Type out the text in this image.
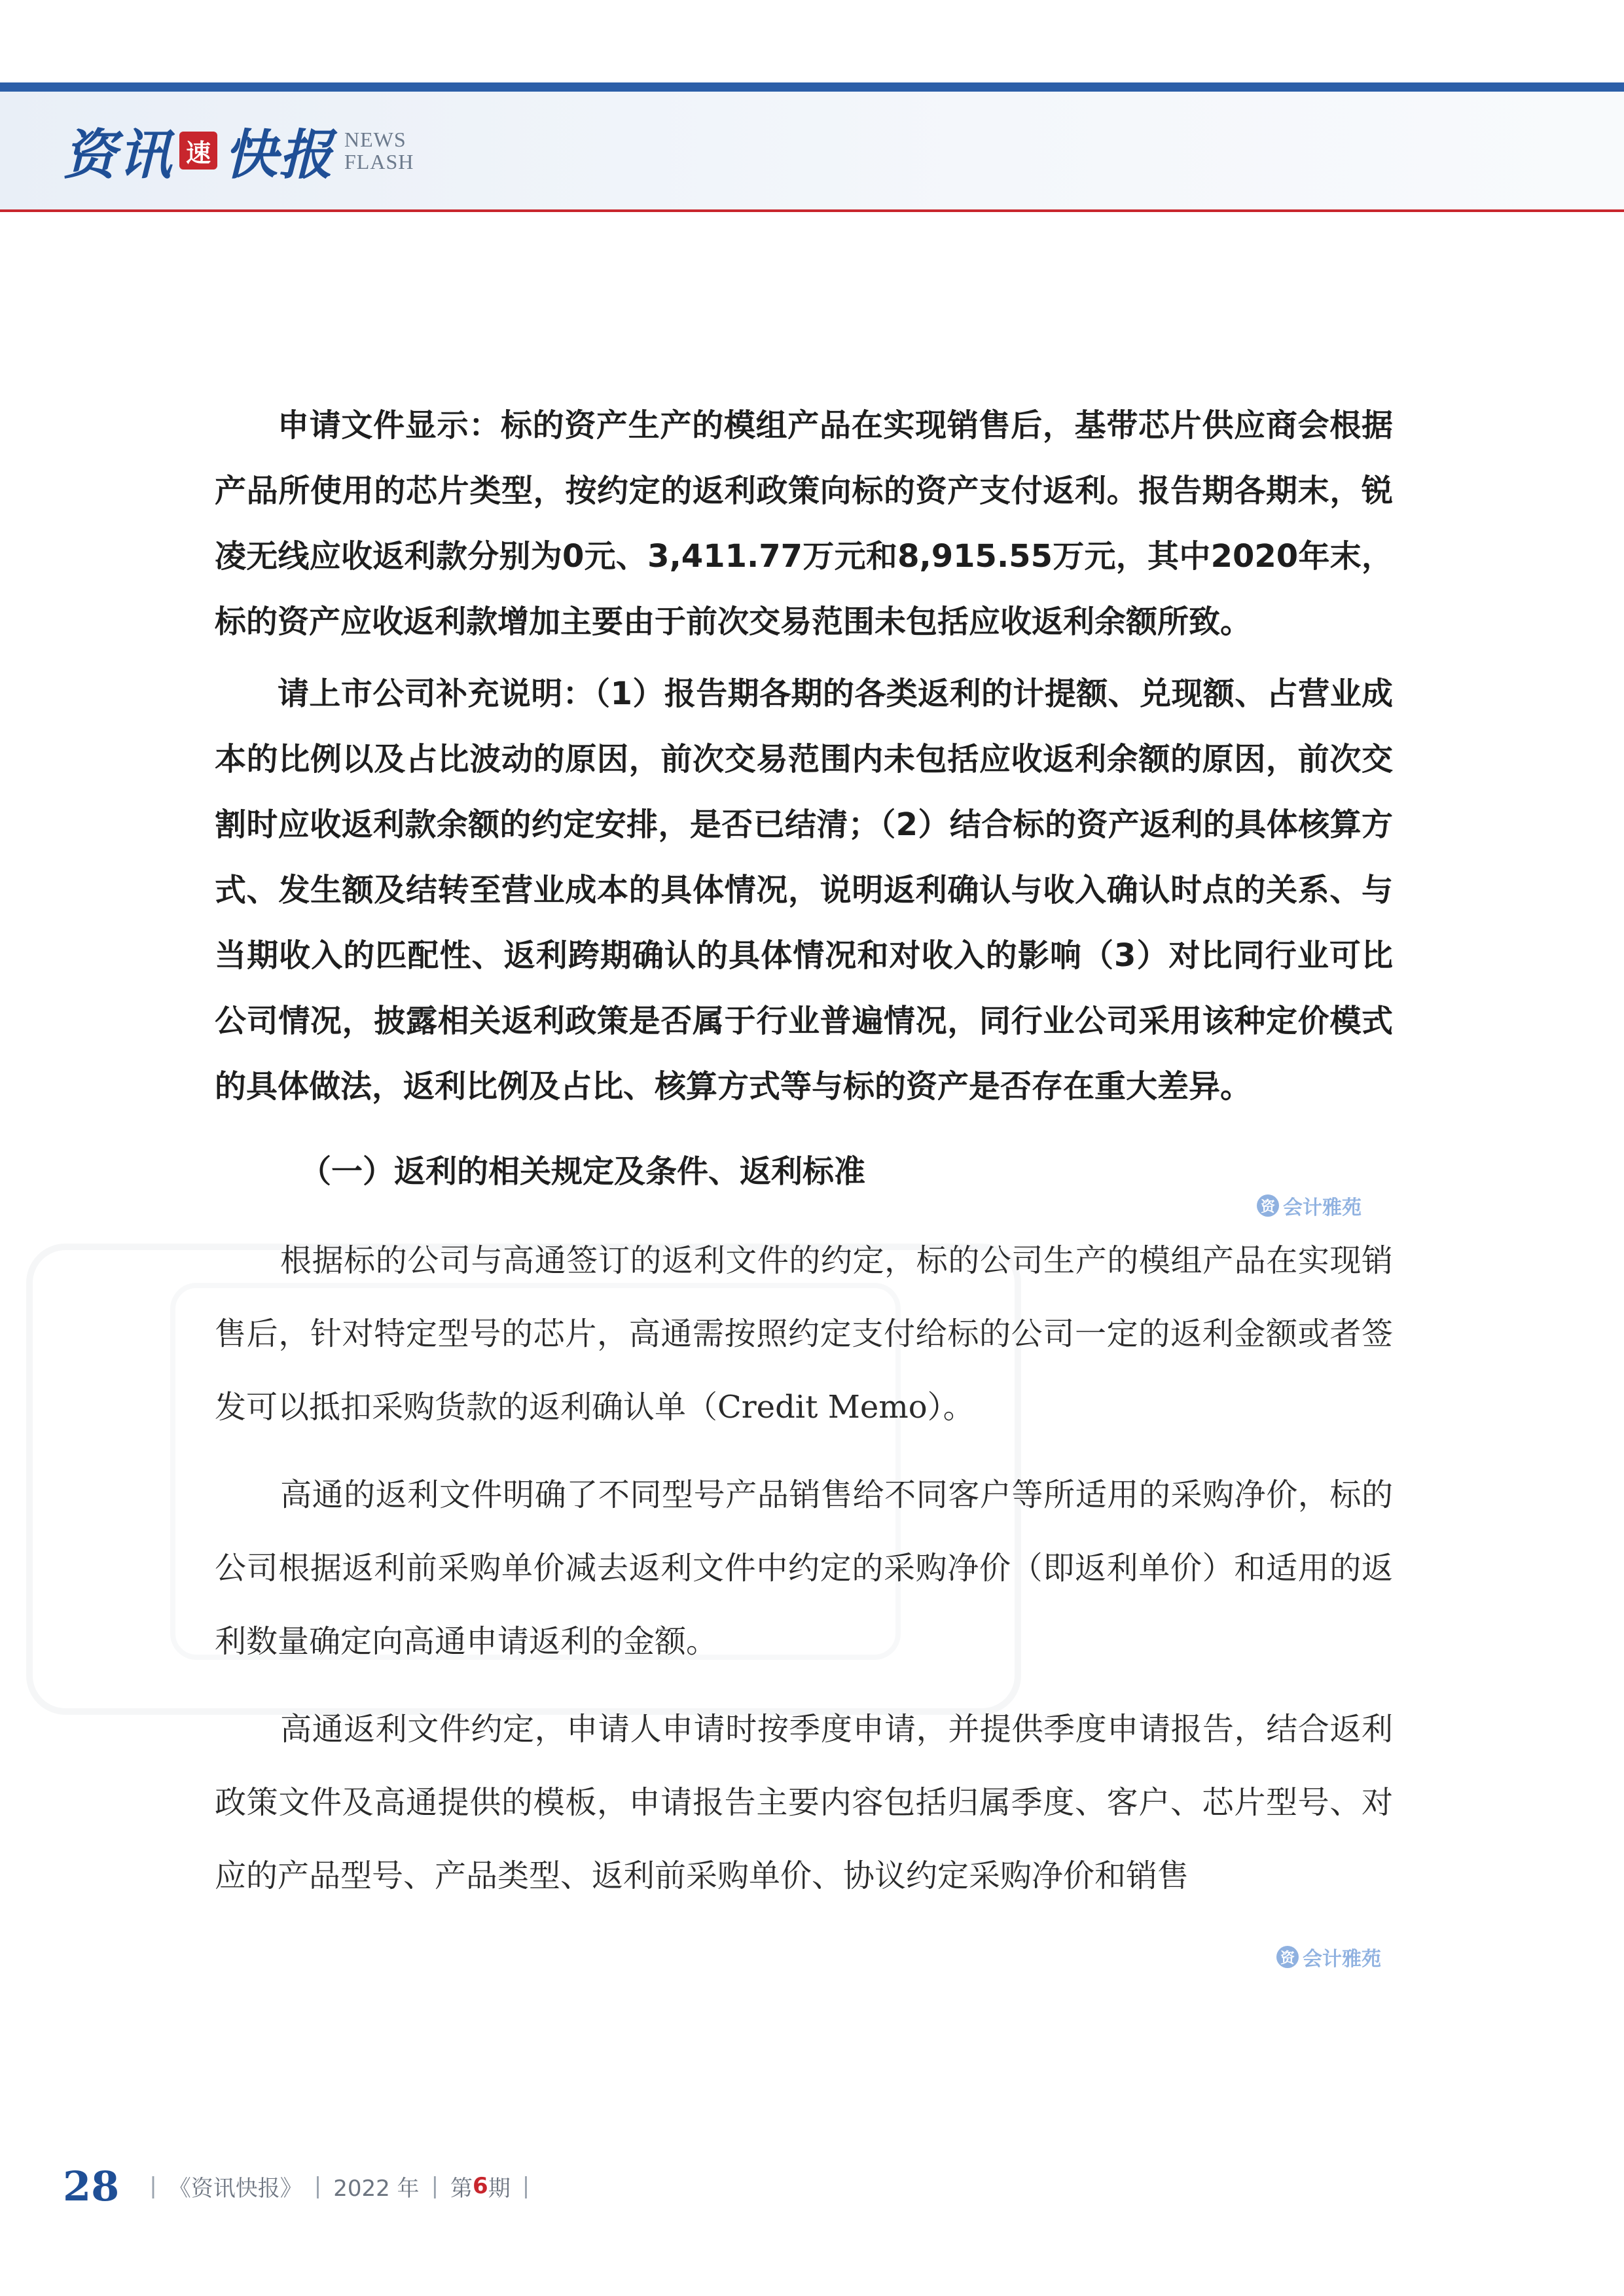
资讯 速 快报 NEWS
FLASH

申请文件显示：标的资产生产的模组产品在实现销售后，基带芯片供应商会根据产品所使用的芯片类型，按约定的返利政策向标的资产支付返利。报告期各期末，锐凌无线应收返利款分别为0元、3,411.77万元和8,915.55万元，其中2020年末，标的资产应收返利款增加主要由于前次交易范围未包括应收返利余额所致。

请上市公司补充说明：（1）报告期各期的各类返利的计提额、兑现额、占营业成本的比例以及占比波动的原因，前次交易范围内未包括应收返利余额的原因，前次交割时应收返利款余额的约定安排，是否已结清；（2）结合标的资产返利的具体核算方式、发生额及结转至营业成本的具体情况，说明返利确认与收入确认时点的关系、与当期收入的匹配性、返利跨期确认的具体情况和对收入的影响（3）对比同行业可比公司情况，披露相关返利政策是否属于行业普遍情况，同行业公司采用该种定价模式的具体做法，返利比例及占比、核算方式等与标的资产是否存在重大差异。

（一）返利的相关规定及条件、返利标准

根据标的公司与高通签订的返利文件的约定，标的公司生产的模组产品在实现销售后，针对特定型号的芯片，高通需按照约定支付给标的公司一定的返利金额或者签发可以抵扣采购货款的返利确认单（Credit Memo）。

高通的返利文件明确了不同型号产品销售给不同客户等所适用的采购净价，标的公司根据返利前采购单价减去返利文件中约定的采购净价（即返利单价）和适用的返利数量确定向高通申请返利的金额。

高通返利文件约定，申请人申请时按季度申请，并提供季度申请报告，结合返利政策文件及高通提供的模板，申请报告主要内容包括归属季度、客户、芯片型号、对应的产品型号、产品类型、返利前采购单价、协议约定采购净价和销售

资 会计雅苑
资 会计雅苑
28 | 《资讯快报》 | 2022 年 | 第 6 期 |
